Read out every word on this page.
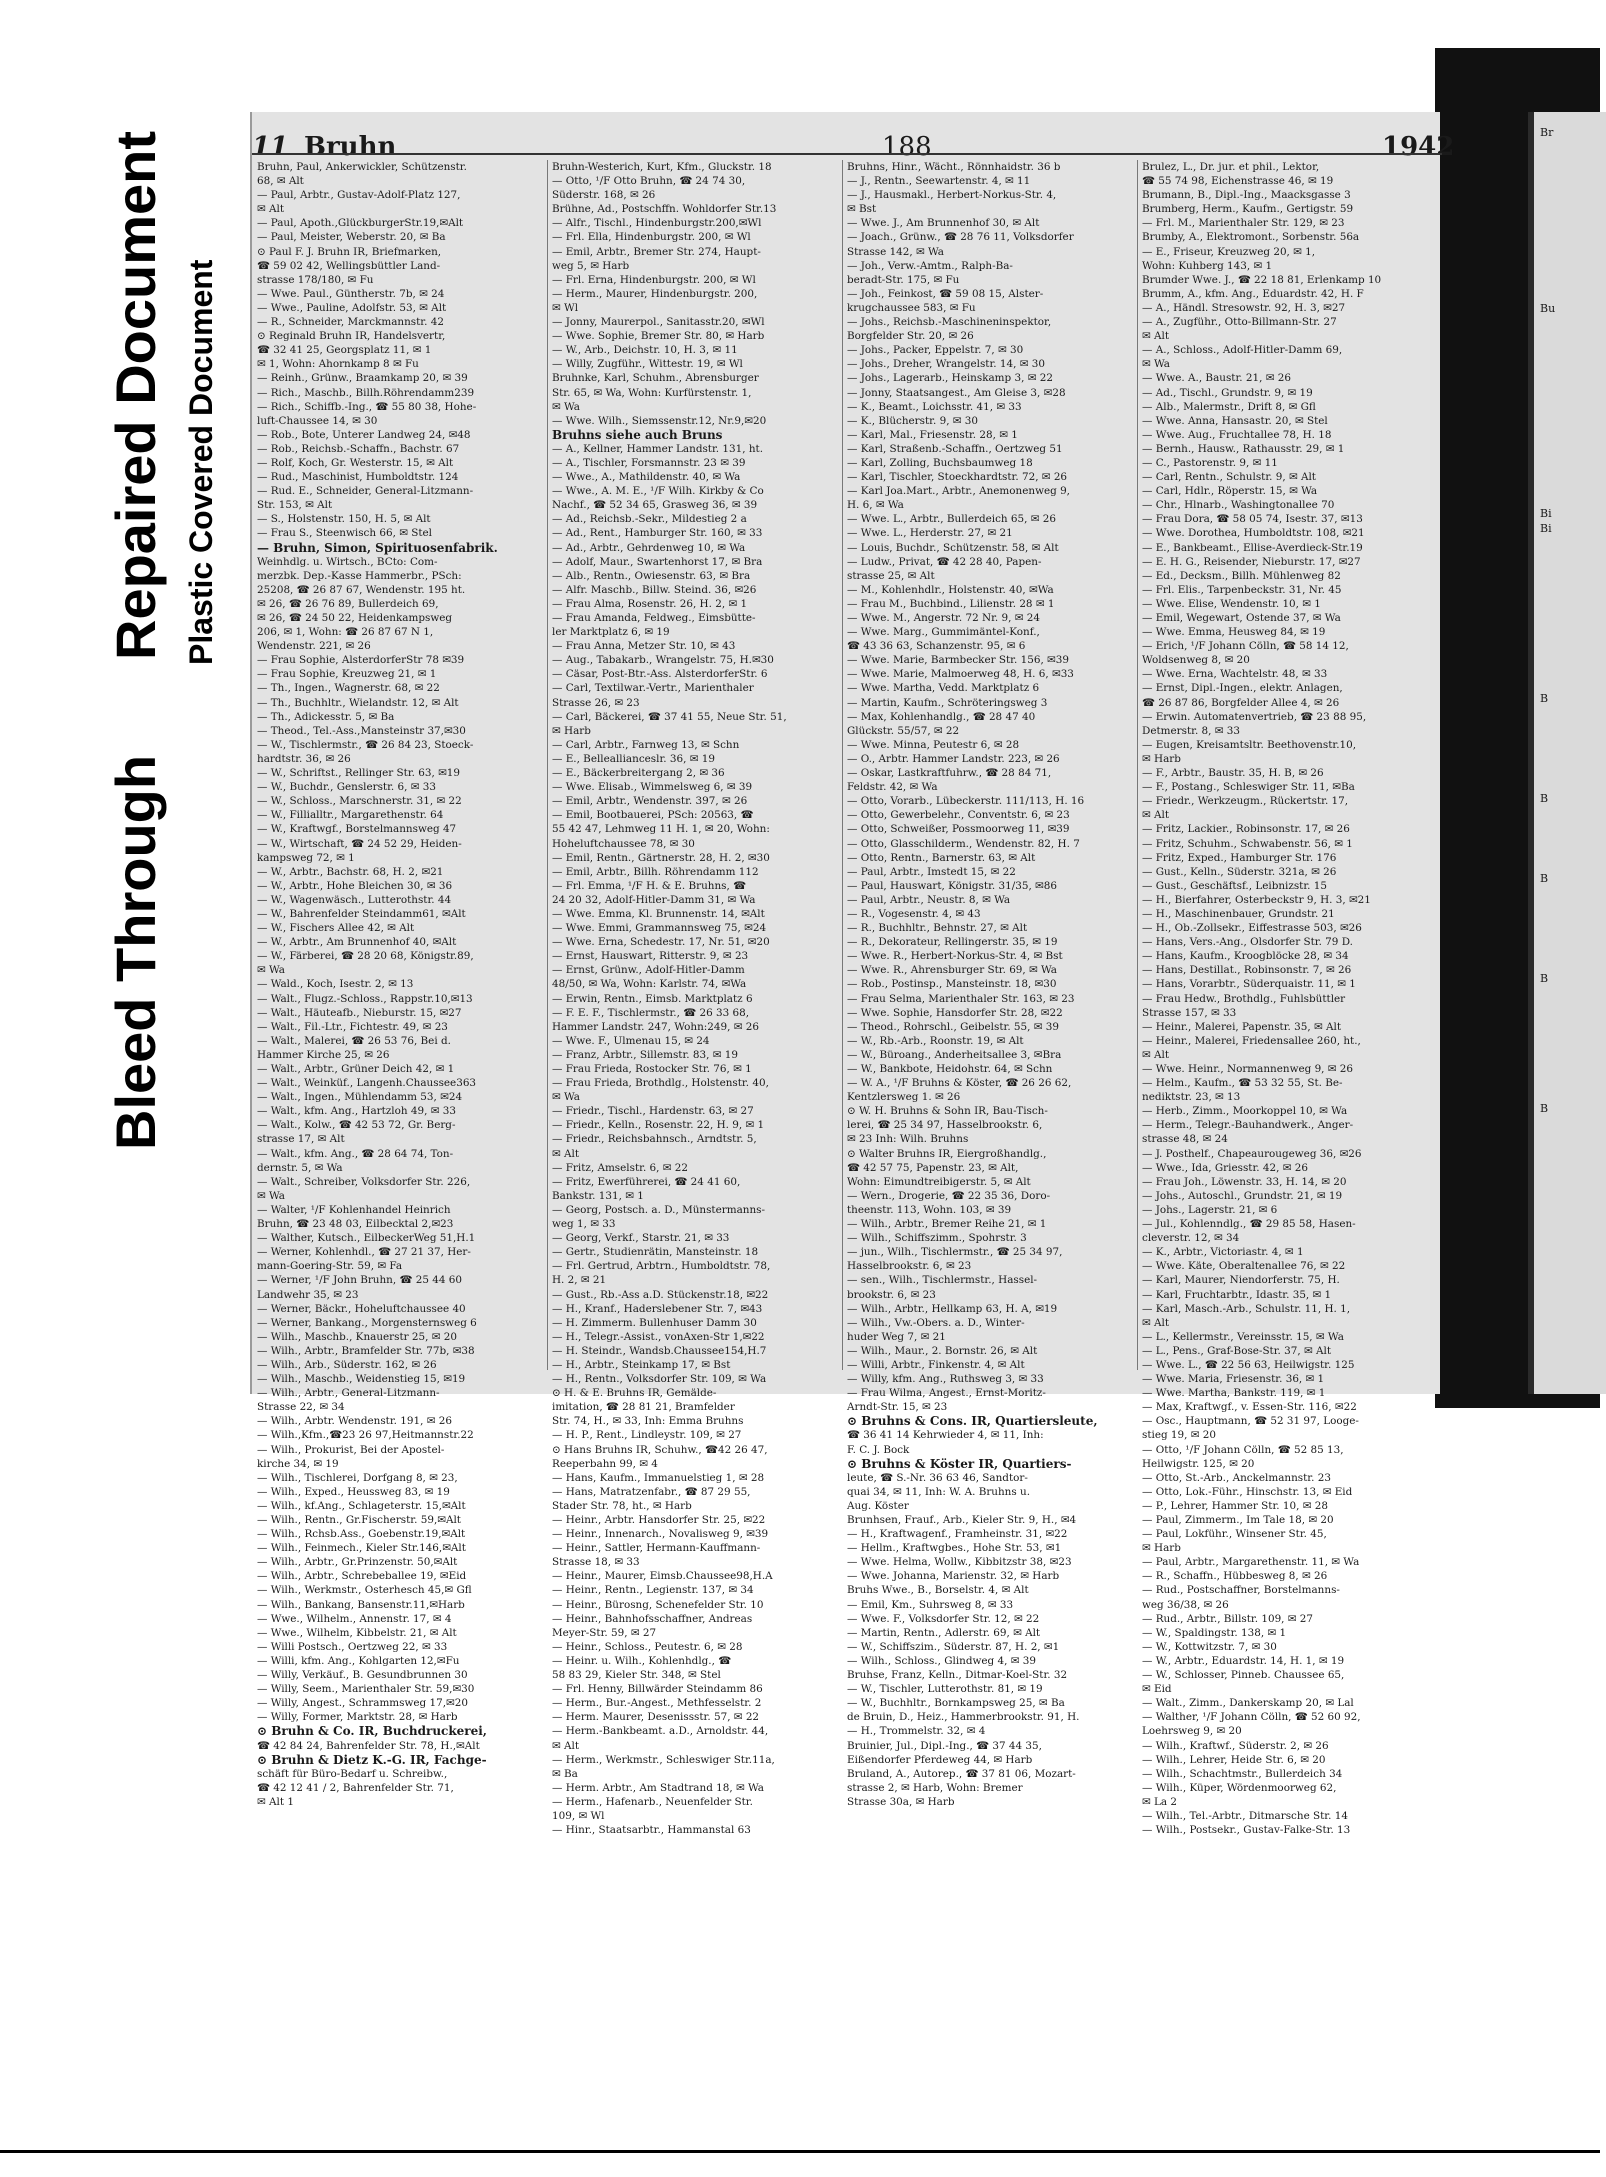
Bleed Through
Repaired Document Plastic Covered Document
11 Bruhn	188	1942
Bruhn, Paul, Ankerwickler, Schützenstr.
68, ✉ Alt
— Paul, Arbtr., Gustav-Adolf-Platz 127,
✉ Alt
— Paul, Apoth.,GlückburgerStr.19,✉Alt
— Paul, Meister, Weberstr. 20, ✉ Ba
⊙ Paul F. J. Bruhn IR, Briefmarken,
☎ 59 02 42, Wellingsbüttler Land-
strasse 178/180, ✉ Fu
— Wwe. Paul., Güntherstr. 7b, ✉ 24
— Wwe., Pauline, Adolfstr. 53, ✉ Alt
— R., Schneider, Marckmannstr. 42
⊙ Reginald Bruhn IR, Handelsvertr,
☎ 32 41 25, Georgsplatz 11, ✉ 1
✉ 1, Wohn: Ahornkamp 8 ✉ Fu
— Reinh., Grünw., Braamkamp 20, ✉ 39
— Rich., Maschb., Billh.Röhrendamm239
— Rich., Schiffb.-Ing., ☎ 55 80 38, Hohe-
luft-Chaussee 14, ✉ 30
— Rob., Bote, Unterer Landweg 24, ✉48
— Rob., Reichsb.-Schaffn., Bachstr. 67
— Rolf, Koch, Gr. Westerstr. 15, ✉ Alt
— Rud., Maschinist, Humboldtstr. 124
— Rud. E., Schneider, General-Litzmann-
Str. 153, ✉ Alt
— S., Holstenstr. 150, H. 5, ✉ Alt
— Frau S., Steenwisch 66, ✉ Stel
— Bruhn, Simon, Spirituosenfabrik.
Weinhdlg. u. Wirtsch., BCto: Com-
merzbk. Dep.-Kasse Hammerbr., PSch:
25208, ☎ 26 87 67, Wendenstr. 195 ht.
✉ 26, ☎ 26 76 89, Bullerdeich 69,
✉ 26, ☎ 24 50 22, Heidenkampsweg
206, ✉ 1, Wohn: ☎ 26 87 67 N 1,
Wendenstr. 221, ✉ 26
— Frau Sophie, AlsterdorferStr 78 ✉39
— Frau Sophie, Kreuzweg 21, ✉ 1
— Th., Ingen., Wagnerstr. 68, ✉ 22
— Th., Buchhltr., Wielandstr. 12, ✉ Alt
— Th., Adickesstr. 5, ✉ Ba
— Theod., Tel.-Ass.,Mansteinstr 37,✉30
— W., Tischlermstr., ☎ 26 84 23, Stoeck-
hardtstr. 36, ✉ 26
— W., Schriftst., Rellinger Str. 63, ✉19
— W., Buchdr., Genslerstr. 6, ✉ 33
— W., Schloss., Marschnerstr. 31, ✉ 22
— W., Fillialltr., Margarethenstr. 64
— W., Kraftwgf., Borstelmannsweg 47
— W., Wirtschaft, ☎ 24 52 29, Heiden-
kampsweg 72, ✉ 1
— W., Arbtr., Bachstr. 68, H. 2, ✉21
— W., Arbtr., Hohe Bleichen 30, ✉ 36
— W., Wagenwäsch., Lutterothstr. 44
— W., Bahrenfelder Steindamm61, ✉Alt
— W., Fischers Allee 42, ✉ Alt
— W., Arbtr., Am Brunnenhof 40, ✉Alt
— W., Färberei, ☎ 28 20 68, Königstr.89,
✉ Wa
— Wald., Koch, Isestr. 2, ✉ 13
— Walt., Flugz.-Schloss., Rappstr.10,✉13
— Walt., Häuteafb., Nieburstr. 15, ✉27
— Walt., Fil.-Ltr., Fichtestr. 49, ✉ 23
— Walt., Malerei, ☎ 26 53 76, Bei d.
Hammer Kirche 25, ✉ 26
— Walt., Arbtr., Grüner Deich 42, ✉ 1
— Walt., Weinküf., Langenh.Chaussee363
— Walt., Ingen., Mühlendamm 53, ✉24
— Walt., kfm. Ang., Hartzloh 49, ✉ 33
— Walt., Kolw., ☎ 42 53 72, Gr. Berg-
strasse 17, ✉ Alt
— Walt., kfm. Ang., ☎ 28 64 74, Ton-
dernstr. 5, ✉ Wa
— Walt., Schreiber, Volksdorfer Str. 226,
✉ Wa
— Walter, ¹/F Kohlenhandel Heinrich
Bruhn, ☎ 23 48 03, Eilbecktal 2,✉23
— Walther, Kutsch., EilbeckerWeg 51,H.1
— Werner, Kohlenhdl., ☎ 27 21 37, Her-
mann-Goering-Str. 59, ✉ Fa
— Werner, ¹/F John Bruhn, ☎ 25 44 60
Landwehr 35, ✉ 23
— Werner, Bäckr., Hoheluftchaussee 40
— Werner, Bankang., Morgensternsweg 6
— Wilh., Maschb., Knauerstr 25, ✉ 20
— Wilh., Arbtr., Bramfelder Str. 77b, ✉38
— Wilh., Arb., Süderstr. 162, ✉ 26
— Wilh., Maschb., Weidenstieg 15, ✉19
— Wilh., Arbtr., General-Litzmann-
Strasse 22, ✉ 34
— Wilh., Arbtr. Wendenstr. 191, ✉ 26
— Wilh.,Kfm.,☎23 26 97,Heitmannstr.22
— Wilh., Prokurist, Bei der Apostel-
kirche 34, ✉ 19
— Wilh., Tischlerei, Dorfgang 8, ✉ 23,
— Wilh., Exped., Heussweg 83, ✉ 19
— Wilh., kf.Ang., Schlageterstr. 15,✉Alt
— Wilh., Rentn., Gr.Fischerstr. 59,✉Alt
— Wilh., Rchsb.Ass., Goebenstr.19,✉Alt
— Wilh., Feinmech., Kieler Str.146,✉Alt
— Wilh., Arbtr., Gr.Prinzenstr. 50,✉Alt
— Wilh., Arbtr., Schrebeballee 19, ✉Eid
— Wilh., Werkmstr., Osterhesch 45,✉ Gfl
— Wilh., Bankang, Bansenstr.11,✉Harb
— Wwe., Wilhelm., Annenstr. 17, ✉ 4
— Wwe., Wilhelm, Kibbelstr. 21, ✉ Alt
— Willi Postsch., Oertzweg 22, ✉ 33
— Willi, kfm. Ang., Kohlgarten 12,✉Fu
— Willy, Verkäuf., B. Gesundbrunnen 30
— Willy, Seem., Marienthaler Str. 59,✉30
— Willy, Angest., Schrammsweg 17,✉20
— Willy, Former, Marktstr. 28, ✉ Harb
⊙ Bruhn & Co. IR, Buchdruckerei,
☎ 42 84 24, Bahrenfelder Str. 78, H.,✉Alt
⊙ Bruhn & Dietz K.-G. IR, Fachge-
schäft für Büro-Bedarf u. Schreibw.,
☎ 42 12 41 / 2, Bahrenfelder Str. 71,
✉ Alt 1
Bruhn-Westerich, Kurt, Kfm., Gluckstr. 18
— Otto, ¹/F Otto Bruhn, ☎ 24 74 30,
Süderstr. 168, ✉ 26
Brühne, Ad., Postschffn. Wohldorfer Str.13
— Alfr., Tischl., Hindenburgstr.200,✉Wl
— Frl. Ella, Hindenburgstr. 200, ✉ Wl
— Emil, Arbtr., Bremer Str. 274, Haupt-
weg 5, ✉ Harb
— Frl. Erna, Hindenburgstr. 200, ✉ Wl
— Herm., Maurer, Hindenburgstr. 200,
✉ Wl
— Jonny, Maurerpol., Sanitasstr.20, ✉Wl
— Wwe. Sophie, Bremer Str. 80, ✉ Harb
— W., Arb., Deichstr. 10, H. 3, ✉ 11
— Willy, Zugführ., Wittestr. 19, ✉ Wl
Bruhnke, Karl, Schuhm., Abrensburger
Str. 65, ✉ Wa, Wohn: Kurfürstenstr. 1,
✉ Wa
— Wwe. Wilh., Siemssenstr.12, Nr.9,✉20
Bruhns siehe auch Bruns
— A., Kellner, Hammer Landstr. 131, ht.
— A., Tischler, Forsmannstr. 23 ✉ 39
— Wwe., A., Mathildenstr. 40, ✉ Wa
— Wwe., A. M. E., ¹/F Wilh. Kirkby & Co
Nachf., ☎ 52 34 65, Grasweg 36, ✉ 39
— Ad., Reichsb.-Sekr., Mildestieg 2 a
— Ad., Rent., Hamburger Str. 160, ✉ 33
— Ad., Arbtr., Gehrdenweg 10, ✉ Wa
— Adolf, Maur., Swartenhorst 17, ✉ Bra
— Alb., Rentn., Owiesenstr. 63, ✉ Bra
— Alfr. Maschb., Billw. Steind. 36, ✉26
— Frau Alma, Rosenstr. 26, H. 2, ✉ 1
— Frau Amanda, Feldweg., Eimsbütte-
ler Marktplatz 6, ✉ 19
— Frau Anna, Metzer Str. 10, ✉ 43
— Aug., Tabakarb., Wrangelstr. 75, H.✉30
— Cäsar, Post-Btr.-Ass. AlsterdorferStr. 6
— Carl, Textilwar.-Vertr., Marienthaler
Strasse 26, ✉ 23
— Carl, Bäckerei, ☎ 37 41 55, Neue Str. 51,
✉ Harb
— Carl, Arbtr., Farnweg 13, ✉ Schn
— E., Belleallianceslr. 36, ✉ 19
— E., Bäckerbreitergang 2, ✉ 36
— Wwe. Elisab., Wimmelsweg 6, ✉ 39
— Emil, Arbtr., Wendenstr. 397, ✉ 26
— Emil, Bootbauerei, PSch: 20563, ☎
55 42 47, Lehmweg 11 H. 1, ✉ 20, Wohn:
Hoheluftchaussee 78, ✉ 30
— Emil, Rentn., Gärtnerstr. 28, H. 2, ✉30
— Emil, Arbtr., Billh. Röhrendamm 112
— Frl. Emma, ¹/F H. & E. Bruhns, ☎
24 20 32, Adolf-Hitler-Damm 31, ✉ Wa
— Wwe. Emma, Kl. Brunnenstr. 14, ✉Alt
— Wwe. Emmi, Grammannsweg 75, ✉24
— Wwe. Erna, Schedestr. 17, Nr. 51, ✉20
— Ernst, Hauswart, Ritterstr. 9, ✉ 23
— Ernst, Grünw., Adolf-Hitler-Damm
48/50, ✉ Wa, Wohn: Karlstr. 74, ✉Wa
— Erwin, Rentn., Eimsb. Marktplatz 6
— F. E. F., Tischlermstr., ☎ 26 33 68,
Hammer Landstr. 247, Wohn:249, ✉ 26
— Wwe. F., Ulmenau 15, ✉ 24
— Franz, Arbtr., Sillemstr. 83, ✉ 19
— Frau Frieda, Rostocker Str. 76, ✉ 1
— Frau Frieda, Brothdlg., Holstenstr. 40,
✉ Wa
— Friedr., Tischl., Hardenstr. 63, ✉ 27
— Friedr., Kelln., Rosenstr. 22, H. 9, ✉ 1
— Friedr., Reichsbahnsch., Arndtstr. 5,
✉ Alt
— Fritz, Amselstr. 6, ✉ 22
— Fritz, Ewerführerei, ☎ 24 41 60,
Bankstr. 131, ✉ 1
— Georg, Postsch. a. D., Münstermanns-
weg 1, ✉ 33
— Georg, Verkf., Starstr. 21, ✉ 33
— Gertr., Studienrätin, Mansteinstr. 18
— Frl. Gertrud, Arbtrn., Humboldtstr. 78,
H. 2, ✉ 21
— Gust., Rb.-Ass a.D. Stückenstr.18, ✉22
— H., Kranf., Haderslebener Str. 7, ✉43
— H. Zimmerm. Bullenhuser Damm 30
— H., Telegr.-Assist., vonAxen-Str 1,✉22
— H. Steindr., Wandsb.Chaussee154,H.7
— H., Arbtr., Steinkamp 17, ✉ Bst
— H., Rentn., Volksdorfer Str. 109, ✉ Wa
⊙ H. & E. Bruhns IR, Gemälde-
imitation, ☎ 28 81 21, Bramfelder
Str. 74, H., ✉ 33, Inh: Emma Bruhns
— H. P., Rent., Lindleystr. 109, ✉ 27
⊙ Hans Bruhns IR, Schuhw., ☎42 26 47,
Reeperbahn 99, ✉ 4
— Hans, Kaufm., Immanuelstieg 1, ✉ 28
— Hans, Matratzenfabr., ☎ 87 29 55,
Stader Str. 78, ht., ✉ Harb
— Heinr., Arbtr. Hansdorfer Str. 25, ✉22
— Heinr., Innenarch., Novalisweg 9, ✉39
— Heinr., Sattler, Hermann-Kauffmann-
Strasse 18, ✉ 33
— Heinr., Maurer, Eimsb.Chaussee98,H.A
— Heinr., Rentn., Legienstr. 137, ✉ 34
— Heinr., Bürosng, Schenefelder Str. 10
— Heinr., Bahnhofsschaffner, Andreas
Meyer-Str. 59, ✉ 27
— Heinr., Schloss., Peutestr. 6, ✉ 28
— Heinr. u. Wilh., Kohlenhdlg., ☎
58 83 29, Kieler Str. 348, ✉ Stel
— Frl. Henny, Billwärder Steindamm 86
— Herm., Bur.-Angest., Methfesselstr. 2
— Herm. Maurer, Desenissstr. 57, ✉ 22
— Herm.-Bankbeamt. a.D., Arnoldstr. 44,
✉ Alt
— Herm., Werkmstr., Schleswiger Str.11a,
✉ Ba
— Herm. Arbtr., Am Stadtrand 18, ✉ Wa
— Herm., Hafenarb., Neuenfelder Str.
109, ✉ Wl
— Hinr., Staatsarbtr., Hammanstal 63
Bruhns, Hinr., Wächt., Rönnhaidstr. 36 b
— J., Rentn., Seewartenstr. 4, ✉ 11
— J., Hausmakl., Herbert-Norkus-Str. 4,
✉ Bst
— Wwe. J., Am Brunnenhof 30, ✉ Alt
— Joach., Grünw., ☎ 28 76 11, Volksdorfer
Strasse 142, ✉ Wa
— Joh., Verw.-Amtm., Ralph-Ba-
beradt-Str. 175, ✉ Fu
— Joh., Feinkost, ☎ 59 08 15, Alster-
krugchaussee 583, ✉ Fu
— Johs., Reichsb.-Maschineninspektor,
Borgfelder Str. 20, ✉ 26
— Johs., Packer, Eppelstr. 7, ✉ 30
— Johs., Dreher, Wrangelstr. 14, ✉ 30
— Johs., Lagerarb., Heinskamp 3, ✉ 22
— Jonny, Staatsangest., Am Gleise 3, ✉28
— K., Beamt., Loichsstr. 41, ✉ 33
— K., Blücherstr. 9, ✉ 30
— Karl, Mal., Friesenstr. 28, ✉ 1
— Karl, Straßenb.-Schaffn., Oertzweg 51
— Karl, Zolling, Buchsbaumweg 18
— Karl, Tischler, Stoeckhardtstr. 72, ✉ 26
— Karl Joa.Mart., Arbtr., Anemonenweg 9,
H. 6, ✉ Wa
— Wwe. L., Arbtr., Bullerdeich 65, ✉ 26
— Wwe. L., Herderstr. 27, ✉ 21
— Louis, Buchdr., Schützenstr. 58, ✉ Alt
— Ludw., Privat, ☎ 42 28 40, Papen-
strasse 25, ✉ Alt
— M., Kohlenhdlr., Holstenstr. 40, ✉Wa
— Frau M., Buchbind., Lilienstr. 28 ✉ 1
— Wwe. M., Angerstr. 72 Nr. 9, ✉ 24
— Wwe. Marg., Gummimäntel-Konf.,
☎ 43 36 63, Schanzenstr. 95, ✉ 6
— Wwe. Marie, Barmbecker Str. 156, ✉39
— Wwe. Marie, Malmoerweg 48, H. 6, ✉33
— Wwe. Martha, Vedd. Marktplatz 6
— Martin, Kaufm., Schröteringsweg 3
— Max, Kohlenhandlg., ☎ 28 47 40
Glückstr. 55/57, ✉ 22
— Wwe. Minna, Peutestr 6, ✉ 28
— O., Arbtr. Hammer Landstr. 223, ✉ 26
— Oskar, Lastkraftfuhrw., ☎ 28 84 71,
Feldstr. 42, ✉ Wa
— Otto, Vorarb., Lübeckerstr. 111/113, H. 16
— Otto, Gewerbelehr., Conventstr. 6, ✉ 23
— Otto, Schweißer, Possmoorweg 11, ✉39
— Otto, Glasschilderm., Wendenstr. 82, H. 7
— Otto, Rentn., Barnerstr. 63, ✉ Alt
— Paul, Arbtr., Imstedt 15, ✉ 22
— Paul, Hauswart, Königstr. 31/35, ✉86
— Paul, Arbtr., Neustr. 8, ✉ Wa
— R., Vogesenstr. 4, ✉ 43
— R., Buchhltr., Behnstr. 27, ✉ Alt
— R., Dekorateur, Rellingerstr. 35, ✉ 19
— Wwe. R., Herbert-Norkus-Str. 4, ✉ Bst
— Wwe. R., Ahrensburger Str. 69, ✉ Wa
— Rob., Postinsp., Mansteinstr. 18, ✉30
— Frau Selma, Marienthaler Str. 163, ✉ 23
— Wwe. Sophie, Hansdorfer Str. 28, ✉22
— Theod., Rohrschl., Geibelstr. 55, ✉ 39
— W., Rb.-Arb., Roonstr. 19, ✉ Alt
— W., Büroang., Anderheitsallee 3, ✉Bra
— W., Bankbote, Heidohstr. 64, ✉ Schn
— W. A., ¹/F Bruhns & Köster, ☎ 26 26 62,
Kentzlersweg 1. ✉ 26
⊙ W. H. Bruhns & Sohn IR, Bau-Tisch-
lerei, ☎ 25 34 97, Hasselbrookstr. 6,
✉ 23 Inh: Wilh. Bruhns
⊙ Walter Bruhns IR, Eiergroßhandlg.,
☎ 42 57 75, Papenstr. 23, ✉ Alt,
Wohn: Eimundtreibigerstr. 5, ✉ Alt
— Wern., Drogerie, ☎ 22 35 36, Doro-
theenstr. 113, Wohn. 103, ✉ 39
— Wilh., Arbtr., Bremer Reihe 21, ✉ 1
— Wilh., Schiffszimm., Spohrstr. 3
— jun., Wilh., Tischlermstr., ☎ 25 34 97,
Hasselbrookstr. 6, ✉ 23
— sen., Wilh., Tischlermstr., Hassel-
brookstr. 6, ✉ 23
— Wilh., Arbtr., Hellkamp 63, H. A, ✉19
— Wilh., Vw.-Obers. a. D., Winter-
huder Weg 7, ✉ 21
— Wilh., Maur., 2. Bornstr. 26, ✉ Alt
— Willi, Arbtr., Finkenstr. 4, ✉ Alt
— Willy, kfm. Ang., Ruthsweg 3, ✉ 33
— Frau Wilma, Angest., Ernst-Moritz-
Arndt-Str. 15, ✉ 23
⊙ Bruhns & Cons. IR, Quartiersleute,
☎ 36 41 14 Kehrwieder 4, ✉ 11, Inh:
F. C. J. Bock
⊙ Bruhns & Köster IR, Quartiers-
leute, ☎ S.-Nr. 36 63 46, Sandtor-
quai 34, ✉ 11, Inh: W. A. Bruhns u.
Aug. Köster
Brunhsen, Frauf., Arb., Kieler Str. 9, H., ✉4
— H., Kraftwagenf., Framheinstr. 31, ✉22
— Hellm., Kraftwgbes., Hohe Str. 53, ✉1
— Wwe. Helma, Wollw., Kibbitzstr 38, ✉23
— Wwe. Johanna, Marienstr. 32, ✉ Harb
Bruhs Wwe., B., Borselstr. 4, ✉ Alt
— Emil, Km., Suhrsweg 8, ✉ 33
— Wwe. F., Volksdorfer Str. 12, ✉ 22
— Martin, Rentn., Adlerstr. 69, ✉ Alt
— W., Schiffszim., Süderstr. 87, H. 2, ✉1
— Wilh., Schloss., Glindweg 4, ✉ 39
Bruhse, Franz, Kelln., Ditmar-Koel-Str. 32
— W., Tischler, Lutterothstr. 81, ✉ 19
— W., Buchhltr., Bornkampsweg 25, ✉ Ba
de Bruin, D., Heiz., Hammerbrookstr. 91, H.
— H., Trommelstr. 32, ✉ 4
Bruinier, Jul., Dipl.-Ing., ☎ 37 44 35,
Eißendorfer Pferdeweg 44, ✉ Harb
Bruland, A., Autorep., ☎ 37 81 06, Mozart-
strasse 2, ✉ Harb, Wohn: Bremer
Strasse 30a, ✉ Harb
Brulez, L., Dr. jur. et phil., Lektor,
☎ 55 74 98, Eichenstrasse 46, ✉ 19
Brumann, B., Dipl.-Ing., Maacksgasse 3
Brumberg, Herm., Kaufm., Gertigstr. 59
— Frl. M., Marienthaler Str. 129, ✉ 23
Brumby, A., Elektromont., Sorbenstr. 56a
— E., Friseur, Kreuzweg 20, ✉ 1,
Wohn: Kuhberg 143, ✉ 1
Brumder Wwe. J., ☎ 22 18 81, Erlenkamp 10
Brumm, A., kfm. Ang., Eduardstr. 42, H. F
— A., Händl. Stresowstr. 92, H. 3, ✉27
— A., Zugführ., Otto-Billmann-Str. 27
✉ Alt
— A., Schloss., Adolf-Hitler-Damm 69,
✉ Wa
— Wwe. A., Baustr. 21, ✉ 26
— Ad., Tischl., Grundstr. 9, ✉ 19
— Alb., Malermstr., Drift 8, ✉ Gfl
— Wwe. Anna, Hansastr. 20, ✉ Stel
— Wwe. Aug., Fruchtallee 78, H. 18
— Bernh., Hausw., Rathausstr. 29, ✉ 1
— C., Pastorenstr. 9, ✉ 11
— Carl, Rentn., Schulstr. 9, ✉ Alt
— Carl, Hdlr., Röperstr. 15, ✉ Wa
— Chr., Hlnarb., Washingtonallee 70
— Frau Dora, ☎ 58 05 74, Isestr. 37, ✉13
— Wwe. Dorothea, Humboldtstr. 108, ✉21
— E., Bankbeamt., Ellise-Averdieck-Str.19
— E. H. G., Reisender, Nieburstr. 17, ✉27
— Ed., Decksm., Billh. Mühlenweg 82
— Frl. Elis., Tarpenbeckstr. 31, Nr. 45
— Wwe. Elise, Wendenstr. 10, ✉ 1
— Emil, Wegewart, Ostende 37, ✉ Wa
— Wwe. Emma, Heusweg 84, ✉ 19
— Erich, ¹/F Johann Cölln, ☎ 58 14 12,
Woldsenweg 8, ✉ 20
— Wwe. Erna, Wachtelstr. 48, ✉ 33
— Ernst, Dipl.-Ingen., elektr. Anlagen,
☎ 26 87 86, Borgfelder Allee 4, ✉ 26
— Erwin. Automatenvertrieb, ☎ 23 88 95,
Detmerstr. 8, ✉ 33
— Eugen, Kreisamtsltr. Beethovenstr.10,
✉ Harb
— F., Arbtr., Baustr. 35, H. B, ✉ 26
— F., Postang., Schleswiger Str. 11, ✉Ba
— Friedr., Werkzeugm., Rückertstr. 17,
✉ Alt
— Fritz, Lackier., Robinsonstr. 17, ✉ 26
— Fritz, Schuhm., Schwabenstr. 56, ✉ 1
— Fritz, Exped., Hamburger Str. 176
— Gust., Kelln., Süderstr. 321a, ✉ 26
— Gust., Geschäftsf., Leibnizstr. 15
— H., Bierfahrer, Osterbeckstr 9, H. 3, ✉21
— H., Maschinenbauer, Grundstr. 21
— H., Ob.-Zollsekr., Eiffestrasse 503, ✉26
— Hans, Vers.-Ang., Olsdorfer Str. 79 D.
— Hans, Kaufm., Kroogblöcke 28, ✉ 34
— Hans, Destillat., Robinsonstr. 7, ✉ 26
— Hans, Vorarbtr., Süderquaistr. 11, ✉ 1
— Frau Hedw., Brothdlg., Fuhlsbüttler
Strasse 157, ✉ 33
— Heinr., Malerei, Papenstr. 35, ✉ Alt
— Heinr., Malerei, Friedensallee 260, ht.,
✉ Alt
— Wwe. Heinr., Normannenweg 9, ✉ 26
— Helm., Kaufm., ☎ 53 32 55, St. Be-
nediktstr. 23, ✉ 13
— Herb., Zimm., Moorkoppel 10, ✉ Wa
— Herm., Telegr.-Bauhandwerk., Anger-
strasse 48, ✉ 24
— J. Posthelf., Chapeaurougeweg 36, ✉26
— Wwe., Ida, Griesstr. 42, ✉ 26
— Frau Joh., Löwenstr. 33, H. 14, ✉ 20
— Johs., Autoschl., Grundstr. 21, ✉ 19
— Johs., Lagerstr. 21, ✉ 6
— Jul., Kohlenndlg., ☎ 29 85 58, Hasen-
cleverstr. 12, ✉ 34
— K., Arbtr., Victoriastr. 4, ✉ 1
— Wwe. Käte, Oberaltenallee 76, ✉ 22
— Karl, Maurer, Niendorferstr. 75, H.
— Karl, Fruchtarbtr., Idastr. 35, ✉ 1
— Karl, Masch.-Arb., Schulstr. 11, H. 1,
✉ Alt
— L., Kellermstr., Vereinsstr. 15, ✉ Wa
— L., Pens., Graf-Bose-Str. 37, ✉ Alt
— Wwe. L., ☎ 22 56 63, Heilwigstr. 125
— Wwe. Maria, Friesenstr. 36, ✉ 1
— Wwe. Martha, Bankstr. 119, ✉ 1
— Max, Kraftwgf., v. Essen-Str. 116, ✉22
— Osc., Hauptmann, ☎ 52 31 97, Looge-
stieg 19, ✉ 20
— Otto, ¹/F Johann Cölln, ☎ 52 85 13,
Heilwigstr. 125, ✉ 20
— Otto, St.-Arb., Anckelmannstr. 23
— Otto, Lok.-Führ., Hinschstr. 13, ✉ Eid
— P., Lehrer, Hammer Str. 10, ✉ 28
— Paul, Zimmerm., Im Tale 18, ✉ 20
— Paul, Lokführ., Winsener Str. 45,
✉ Harb
— Paul, Arbtr., Margarethenstr. 11, ✉ Wa
— R., Schaffn., Hübbesweg 8, ✉ 26
— Rud., Postschaffner, Borstelmanns-
weg 36/38, ✉ 26
— Rud., Arbtr., Billstr. 109, ✉ 27
— W., Spaldingstr. 138, ✉ 1
— W., Kottwitzstr. 7, ✉ 30
— W., Arbtr., Eduardstr. 14, H. 1, ✉ 19
— W., Schlosser, Pinneb. Chaussee 65,
✉ Eid
— Walt., Zimm., Dankerskamp 20, ✉ Lal
— Walther, ¹/F Johann Cölln, ☎ 52 60 92,
Loehrsweg 9, ✉ 20
— Wilh., Kraftwf., Süderstr. 2, ✉ 26
— Wilh., Lehrer, Heide Str. 6, ✉ 20
— Wilh., Schachtmstr., Bullerdeich 34
— Wilh., Küper, Wördenmoorweg 62,
✉ La 2
— Wilh., Tel.-Arbtr., Ditmarsche Str. 14
— Wilh., Postsekr., Gustav-Falke-Str. 13
Br
Bu
Bi
Bi
B
B
B
B
B
